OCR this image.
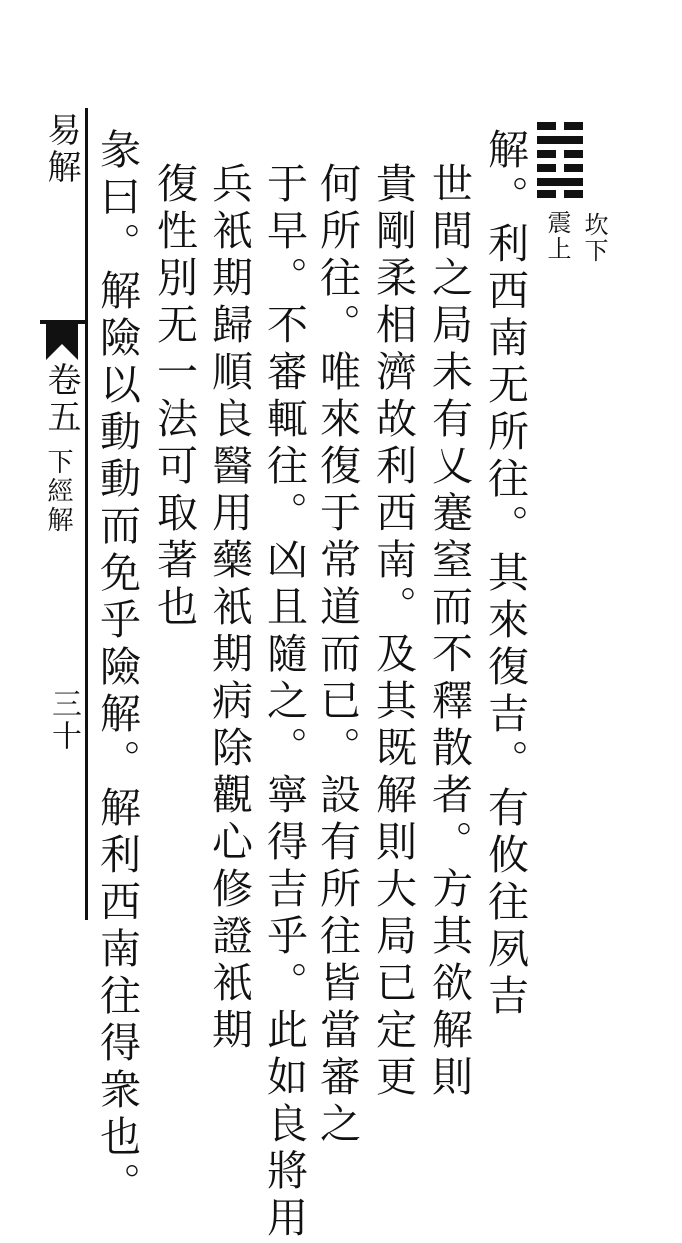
坎下
震上
解。利西南无所往。其來復吉。有攸往夙吉
世間之局未有乂蹇窒而不釋散者。方其欲解則
貴剛柔相濟故利西南。及其既解則大局已定更
何所往。唯來復于常道而已。設有所往皆當審之
于早。不審輒往。凶且隨之。寧得吉乎。此如良將用
兵衹期歸順良醫用藥衹期病除觀心修證衹期
復性別无一法可取著也
彖曰。解險以動動而免乎險解。解利西南往得衆也。
易解
卷五
下經解
三十
